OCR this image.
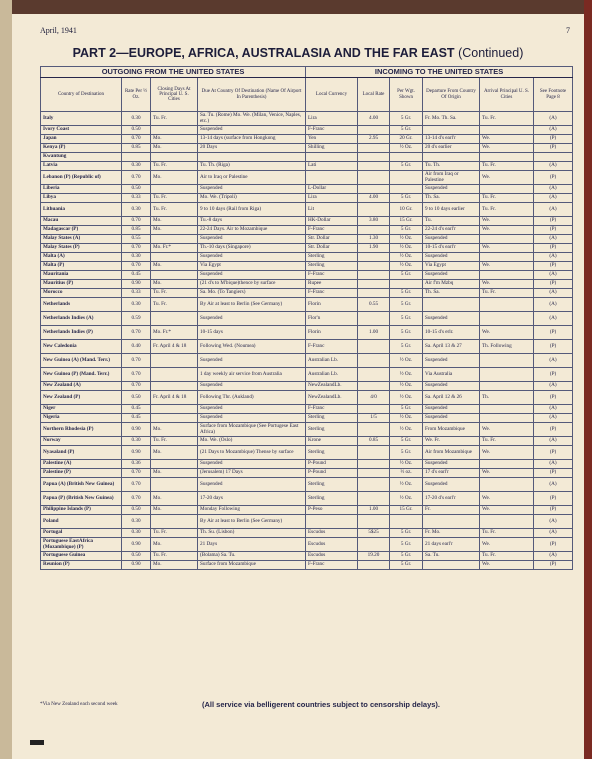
April, 1941	7
PART 2—EUROPE, AFRICA, AUSTRALASIA AND THE FAR EAST (Continued)
OUTGOING FROM THE UNITED STATES				INCOMING TO THE UNITED STATES					
Country of Destination	Rate Per ½ Oz.	Closing Days At Principal U. S. Cities	Due At Country Of Destination (Name Of Airport In Parenthesis)	Local Currency	Local Rate	Per Wgt. Shown	Departure From Country Of Origin	Arrival Principal U. S. Cities	See Footnote Page 8
Italy	0.30	Tu. Fr.	Sa. Tu. (Rome) Mo. We. (Milan, Venice, Naples, etc.)	Lira	4.00	5 Gr.	Fr. Mo. Th. Sa.	Tu. Fr.	(A)
Ivory Coast	0.50		Suspended	F-Franc		5 Gr.			(A)
Japan	0.70	Mo.	13-14 days (surface from Hongkong	Yen	2.95	20 Gr.	13-14 d's earl'r	We.	(P)
Kenya (P)	0.85	Mo.	20 Days	Shilling		½ Oz.	20 d's earlier	We.	(P)
Kwantung									
Latvia	0.30	Tu. Fr.	Tu. Th. (Riga)	Lati		5 Gr.	Tu. Th.	Tu. Fr.	(A)
Lebanon (P) (Republic of)	0.70	Mo.	Air to Iraq or Palestine				Air from Iraq or Palestine	We.	(P)
Liberia	0.50		Suspended	L-Dollar			Suspended		(A)
Libya	0.33	Tu. Fr.	Mo. We. (Tripoli)	Lira	4.00	5 Gr.	Th. Sa.	Tu. Fr.	(A)
Lithuania	0.30	Tu. Fr.	9 to 10 days (Rail from Riga)	Lit		10 Gr.	9 to 10 days earlier	Tu. Fr.	(A)
Macau	0.70	Mo.	Tu.-8 days	HK-Dollar	3.80	15 Gr.	Tu.	We.	(P)
Madagascar (P)	0.85	Mo.	22-24 Days. Air to Mozambique	F-Franc		5 Gr.	22-24 d's earl'r	We.	(P)
Malay States (A)	0.55		Suspended	Str. Dollar	1.30	½ Oz.	Suspended		(A)
Malay States (P)	0.70	Mo. Fr.*	Th.-10 days (Singapore)	Str. Dollar	1.90	½ Oz.	10-15 d's earl'r	We.	(P)
Malta (A)	0.30		Suspended	Sterling		½ Oz.	Suspended		(A)
Malta (P)	0.70	Mo.	Via Egypt	Sterling		½ Oz.	Via Egypt	We.	(P)
Mauritania	0.45		Suspended	F-Franc		5 Gr.	Suspended		(A)
Mauritius (P)	0.90	Mo.	(21 d's to M'bique)thence by surface	Rupee			Air f'm Mzbq	We.	(P)
Morocco	0.33	Tu. Fr.	Sa. Mo. (To Tangiers)	F-Franc		5 Gr.	Th. Sa.	Tu. Fr.	(A)
Netherlands	0.30	Tu. Fr.	By Air at least to Berlin (See Germany)	Florin	0.55	5 Gr.			(A)
Netherlands Indies (A)	0.59		Suspended	Flor'n		5 Gr.	Suspended		(A)
Netherlands Indies (P)	0.70	Mo. Fr.*	10-15 days	Florin	1.00	5 Gr.	10-15 d's erlr.	We.	(P)
New Caledonia	0.40	Fr. April 4 & 18	Following Wed. (Noumea)	F-Franc		5 Gr.	Sa. April 13 & 27	Th. Following	(P)
New Guinea (A) (Mand. Terr.)	0.70		Suspended	Australian Lb.		½ Oz.	Suspended		(A)
New Guinea (P) (Mand. Terr.)	0.70		1 day weekly air service from Australia	Australian Lb.		½ Oz.	Via Australia		(P)
New Zealand (A)	0.70		Suspended	NewZealandLb.		½ Oz.	Suspended		(A)
New Zealand (P)	0.50	Fr. April 4 & 18	Following Thr. (Aukland)	NewZealandLb.	4/0	½ Oz.	Sa. April 12 & 26	Th.	(P)
Niger	0.45		Suspended	F-Franc		5 Gr.	Suspended		(A)
Nigeria	0.45		Suspended	Sterling	1/5	½ Oz.	Suspended		(A)
Northern Rhodesia (P)	0.90	Mo.	Surface from Mozambique (See Portugese East Africa)	Sterling		½ Oz.	From Mozambique	We.	(P)
Norway	0.30	Tu. Fr.	Mo. We. (Oslo)	Krone	0.85	5 Gr.	We. Fr.	Tu. Fr.	(A)
Nyasaland (P)	0.90	Mo.	(21 Days to Mozambique) Thense by surface	Sterling		5 Gr.	Air from Mozambique	We.	(P)
Palestine (A)	0.36		Suspended	P-Pound		½ Oz.	Suspended		(A)
Palestine (P)	0.70	Mo.	(Jerusalem) 17 Days	P-Pound		½ oz.	17 d's earl'r	We.	(P)
Papua (A) (British New Guinea)	0.70		Suspended	Sterling		½ Oz.	Suspended		(A)
Papua (P) (British New Guinea)	0.70	Mo.	17-20 days	Sterling		½ Oz.	17-20 d's earl'r	We.	(P)
Philippine Islands (P)	0.50	Mo.	Monday Following	P-Peso	1.00	15 Gr.	Fr.	We.	(P)
Poland	0.30		By Air at least to Berlin (See Germany)						(A)
Portugal	0.30	Tu. Fr.	Th. Su. (Lisbon)	Escudos	5$25	5 Gr.	Fr. Mo.	Tu. Fr.	(A)
Portuguese EastAfrica (Mozambique) (P)	0.90	Mo.	21 Days	Escudos		5 Gr.	21 days earl'r	We.	(P)
Portuguese Guinea	0.50	Tu. Fr.	(Bolama) Sa. Tu.	Escudos	19.20	5 Gr.	Sa. Tu.	Tu. Fr.	(A)
Reunion (P)	0.90	Mo.	Surface from Mozambique	F-Franc		5 Gr.		We.	(P)
*Via New Zealand each second week	(All service via belligerent countries subject to censorship delays).
